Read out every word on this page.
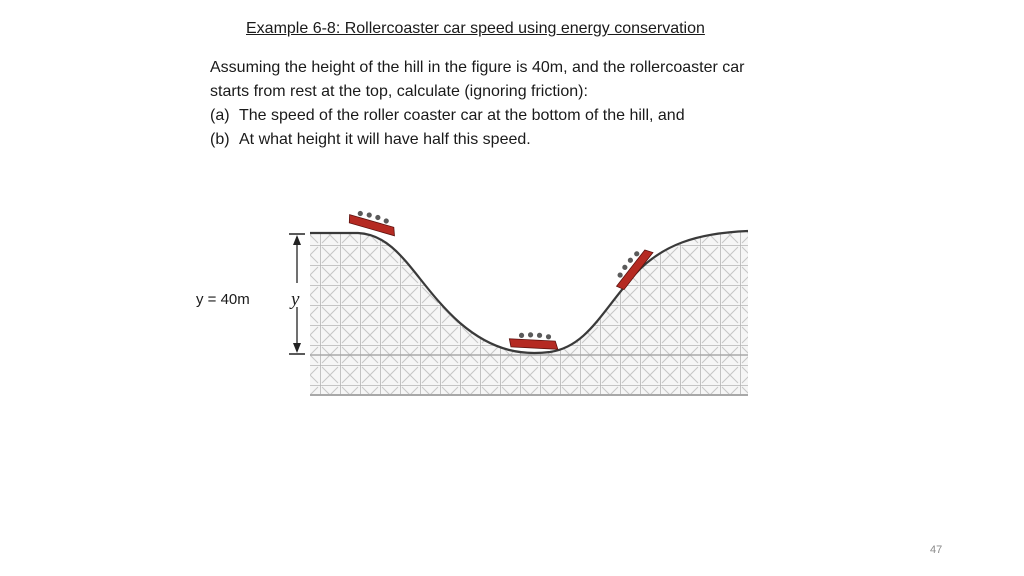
Example 6-8: Rollercoaster car speed using energy conservation

Assuming the height of the hill in the figure is 40m, and the rollercoaster car

starts from rest at the top, calculate (ignoring friction):

(a) The speed of the roller coaster car at the bottom of the hill, and
(b) At what height it will have half this speed.
y = 40m y
47
